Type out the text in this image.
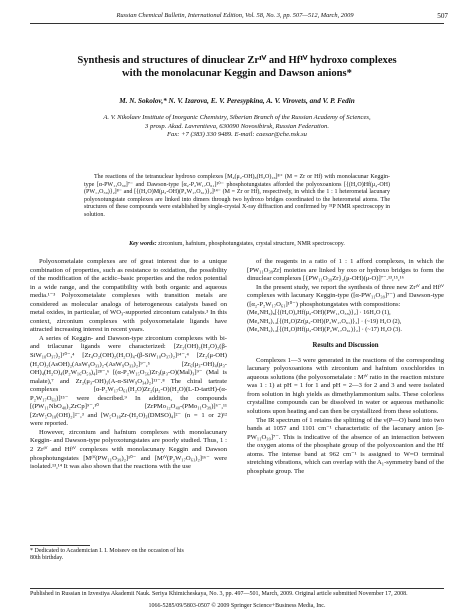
Russian Chemical Bulletin, International Edition, Vol. 58, No. 3, pp. 507—512, March, 2009	507
Synthesis and structures of dinuclear Zrᴵⱽ and Hfᴵⱽ hydroxo complexes
with the monolacunar Keggin and Dawson anions*
M. N. Sokolov,* N. V. Izarova, E. V. Peresypkina, A. V. Virovets, and V. P. Fedin
A. V. Nikolaev Institute of Inorganic Chemistry, Siberian Branch of the Russian Academy of Sciences,
3 prosp. Akad. Lavrentieva, 630090 Novosibirsk, Russian Federation.
Fax: +7 (383) 330 9489. E-mail: caesar@che.nsk.su

The reactions of the tetranuclear hydroxo complexes [M₄(μ₂-OH)₈(H₂O)₁₆]⁸⁺ (M = Zr or Hf) with monolacunar Keggin-type [α-PW₁₁O₃₉]⁷⁻ and Dawson-type [α₂-P₂W₁₇O₆₁]¹⁰⁻ phosphotungstates afforded the polyoxoanions [{(H₂O)Hf(μ₂-OH)(PW₁₁O₃₉)}₂]⁸⁻ and [{(H₂O)M(μ₂-OH)(P₂W₁₇O₆₁)}₂]¹⁴⁻ (M = Zr or Hf), respectively, in which the 1 : 1 heterometal lacunary polyoxotungstate complexes are linked into dimers through two hydroxo bridges coordinated to the heterometal atoms. The structures of these compounds were established by single-crystal X-ray diffraction and confirmed by ³¹P NMR spectroscopy in solution.

Key words: zirconium, hafnium, phosphotungstates, crystal structure, NMR spectroscopy.

Polyoxometalate complexes are of great interest due to a unique combination of properties, such as resistance to oxidation, the possibility of the modification of the acidic–basic properties and the redox potential in a wide range, and the compatibility with both organic and aqueous media.¹⁻³ Polyoxometalate complexes with transition metals are considered as molecular analogs of heterogeneous catalysts based on metal oxides, in particular, of WO₃-supported zirconium catalysts.³ In this context, zirconium complexes with polyoxometalate ligands have attracted increasing interest in recent years.

A series of Keggin- and Dawson-type zirconium complexes with bi- and trilacunar ligands were characterized: [Zr₂(OH)₂(H₂O)₂(β-SiW₁₀O₃₇)₂]¹⁰⁻,⁴ [Zr₄O₂(OH)₂(H₂O)₄-(β-SiW₁₀O₃₇)₂]¹⁴⁻,⁴ [Zr₂(μ-OH)(H₂O)₂(AsOH)₂(AsW₉O₃₃)₂-(AsW₉O₃₃)₂]⁹⁻,⁵ [Zr₆(μ₃-OH)₄(μ₃-OH)₄(H₂O)₄(P₂W₁₆O₅₉)₄]²⁸⁻,⁶ [(α-P₂W₁₅O₅₆)Zr₃(μ₃-O)(Mal)₃]⁹⁻ (Mal is malate),⁷ and Zr₂(μ₃-OH)₃(A-α-SiW₉O₃₄)₂]¹¹⁻.⁸ The chiral tartrate complexes [α-P₂W₁₇O₆₁(H₂O)Zr₂(μ₂-O)(H₂O)(L-D-tartH)-(α-P₂W₁₇O₆₁)]¹⁵⁻ were described.⁹ In addition, the compounds [(PW₁₁NbO₄₀)₂ZrCp]⁹⁻,¹⁰ [ZrPMo₁₂O₄₀-(PMo₁₁O₃₉)]⁶⁻,¹¹ [ZrW₅O₁₈(OH)₂]²⁻,³ and [W₅O₁₈Zr-(H₂O)₃(DMSO)₄]²⁻ (n = 1 or 2)¹² were reported.

However, zirconium and hafnium complexes with monolacunary Keggin- and Dawson-type polyoxotungstates are poorly studied. Thus, 1 : 2 Zrᴵⱽ and Hfᴵⱽ complexes with monolacunary Keggin and Dawson phosphotungstates [Mᴵⱽ(PW₁₁O₃₉)₂]¹⁰⁻ and [Mᴵⱽ(P₂W₁₇O₆₁)₂]¹⁶⁻ were isolated.¹³,¹⁴ It was also shown that the reactions with the use

* Dedicated to Academician I. I. Moiseev on the occasion of his
80th birthday.

of the reagents in a ratio of 1 : 1 afford complexes, in which the [PW₁₁O₃₉Zr] moieties are linked by oxo or hydroxo bridges to form the dinuclear complexes [{PW₁₁O₃₉Zr}₂(μ-OH)(μ-O)]⁷⁻.¹³,¹⁵,¹⁶

In the present study, we report the synthesis of three new Zrᴵⱽ and Hfᴵⱽ complexes with lacunary Keggin-type ([α-PW₁₁O₃₉]⁷⁻) and Dawson-type ([α₂-P₂W₁₇O₆₁]¹⁰⁻) phosphotungstates with compositions:

(Me₂NH₂)₈[{(H₂O)₂Hf(μ₂-OH)(PW₁₁O₃₉)}₂] · 16H₂O (1),
(Me₂NH₂)₁₄[{(H₂O)Zr(μ₂-OH)(P₂W₁₇O₆₁)}₂] · (~19) H₂O (2),
(Me₂NH₂)₁₄[{(H₂O)Hf(μ₂-OH)(P₂W₁₇O₆₁)}₂] · (~17) H₂O (3).
Results and Discussion

Complexes 1—3 were generated in the reactions of the corresponding lacunary polyoxoanions with zirconium and hafnium oxochlorides in aqueous solutions (the polyoxometalate : Mᴵⱽ ratio in the reaction mixture was 1 : 1) at pH = 1 for 1 and pH = 2—3 for 2 and 3 and were isolated from solution in high yields as dimethylammonium salts. These colorless crystalline compounds can be dissolved in water or aqueous methanolic solutions upon heating and can then be crystallized from these solutions.

The IR spectrum of 1 retains the splitting of the ν(P—O) band into two bands at 1057 and 1101 cm⁻¹ characteristic of the lacunary anion [α-PW₁₁O₃₉]⁷⁻. This is indicative of the absence of an interaction between the oxygen atoms of the phosphate group of the polyoxoanion and the Hf atoms. The intense band at 962 cm⁻¹ is assigned to W=O terminal stretching vibrations, which can overlap with the A₁-symmetry band of the phosphate group. The

Published in Russian in Izvestiya Akademii Nauk. Seriya Khimicheskaya, No. 3, pp. 497—501, March, 2009. Original article submitted November 17, 2008.
1066-5285/09/5803-0507 © 2009 Springer Science+Business Media, Inc.
